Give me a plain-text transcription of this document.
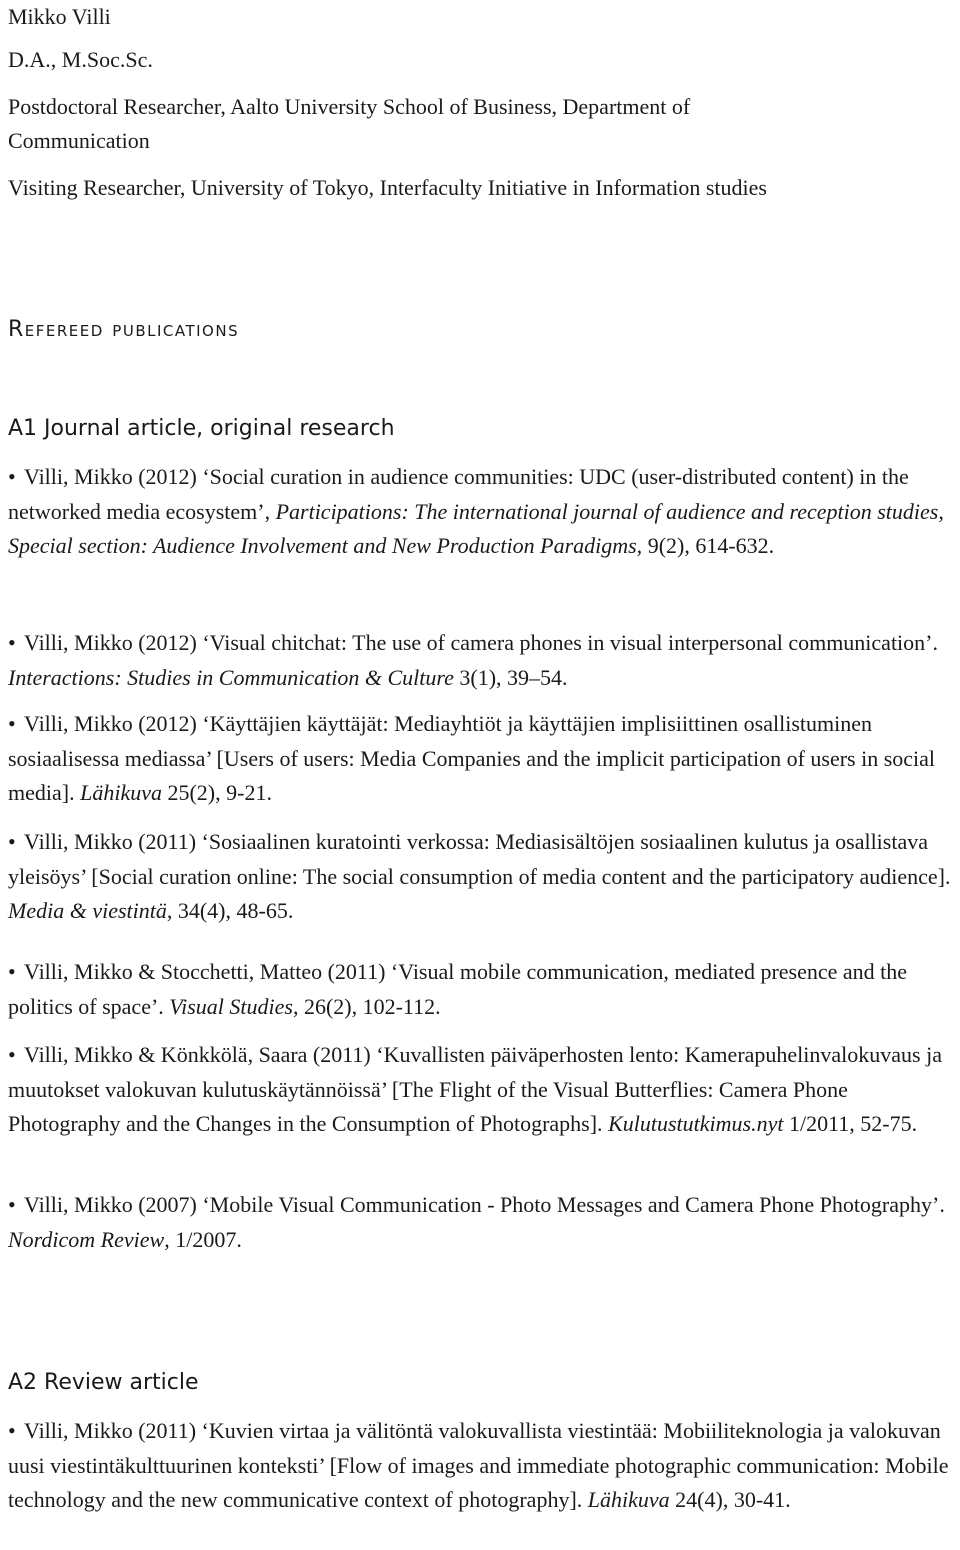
Mikko Villi
D.A., M.Soc.Sc.
Postdoctoral Researcher, Aalto University School of Business, Department of
Communication
Visiting Researcher, University of Tokyo, Interfaculty Initiative in Information studies
Refereed publications
A1 Journal article, original research

• Villi, Mikko (2012) ‘Social curation in audience communities: UDC (user-distributed content) in the networked media ecosystem’, Participations: The international journal of audience and reception studies, Special section: Audience Involvement and New Production Paradigms, 9(2), 614-632.

• Villi, Mikko (2012) ‘Visual chitchat: The use of camera phones in visual interpersonal communication’. Interactions: Studies in Communication & Culture 3(1), 39–54.

• Villi, Mikko (2012) ‘Käyttäjien käyttäjät: Mediayhtiöt ja käyttäjien implisiittinen osallistuminen sosiaalisessa mediassa’ [Users of users: Media Companies and the implicit participation of users in social media]. Lähikuva 25(2), 9-21.

• Villi, Mikko (2011) ‘Sosiaalinen kuratointi verkossa: Mediasisältöjen sosiaalinen kulutus ja osallistava yleisöys’ [Social curation online: The social consumption of media content and the participatory audience]. Media & viestintä, 34(4), 48-65.

• Villi, Mikko & Stocchetti, Matteo (2011) ‘Visual mobile communication, mediated presence and the politics of space’. Visual Studies, 26(2), 102-112.

• Villi, Mikko & Könkkölä, Saara (2011) ‘Kuvallisten päiväperhosten lento: Kamerapuhelinvalokuvaus ja muutokset valokuvan kulutuskäytännöissä’ [The Flight of the Visual Butterflies: Camera Phone Photography and the Changes in the Consumption of Photographs]. Kulutustutkimus.nyt 1/2011, 52-75.

• Villi, Mikko (2007) ‘Mobile Visual Communication - Photo Messages and Camera Phone Photography’. Nordicom Review, 1/2007.

A2 Review article

• Villi, Mikko (2011) ‘Kuvien virtaa ja välitöntä valokuvallista viestintää: Mobiiliteknologia ja valokuvan uusi viestintäkulttuurinen konteksti’ [Flow of images and immediate photographic communication: Mobile technology and the new communicative context of photography]. Lähikuva 24(4), 30-41.
